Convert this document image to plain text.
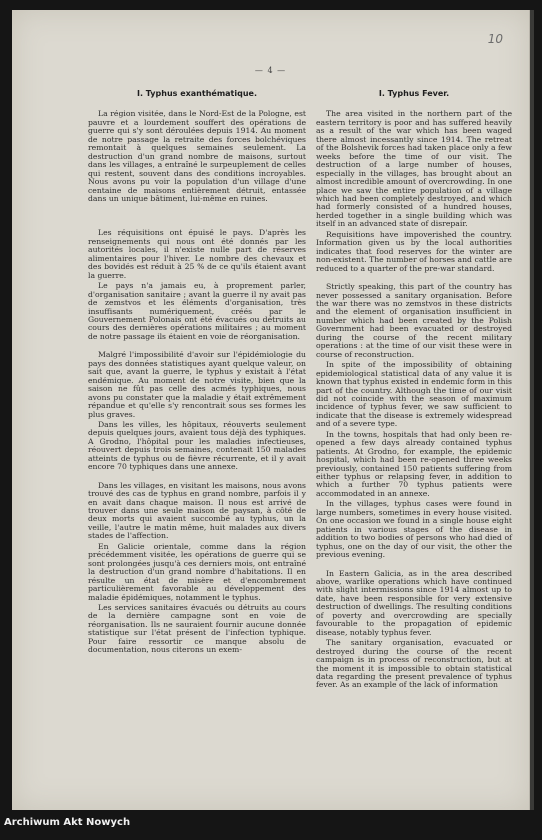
10
— 4 —
I. Typhus exanthématique.

La région visitée, dans le Nord-Est de la Pologne, est pauvre et a lourdement souffert des opérations de guerre qui s'y sont déroulées depuis 1914. Au moment de notre passage la retraite des forces bolchéviques remontait à quelques semaines seulement. La destruction d'un grand nombre de maisons, surtout dans les villages, a entraîné le surpeuplement de celles qui restent, souvent dans des conditions incroyables. Nous avons pu voir la population d'un village d'une centaine de maisons entièrement détruit, entassée dans un unique bâtiment, lui-même en ruines.

Les réquisitions ont épuisé le pays. D'après les renseignements qui nous ont été donnés par les autorités locales, il n'existe nulle part de réserves alimentaires pour l'hiver. Le nombre des chevaux et des bovidés est réduit à 25 % de ce qu'ils étaient avant la guerre.

Le pays n'a jamais eu, à proprement parler, d'organisation sanitaire ; avant la guerre il ny avait pas de zemstvos et les éléments d'organisation, très insuffisants numériquement, créés par le Gouvernement Polonais ont été évacués ou détruits au cours des dernières opérations militaires ; au moment de notre passage ils étaient en voie de réorganisation.

Malgré l'impossibilité d'avoir sur l'épidémiologie du pays des données statistiques ayant quelque valeur, on sait que, avant la guerre, le typhus y existait à l'état endémique. Au moment de notre visite, bien que la saison ne fût pas celle des acmés typhiques, nous avons pu constater que la maladie y était extrêmement répandue et qu'elle s'y rencontrait sous ses formes les plus graves.

Dans les villes, les hôpitaux, réouverts seulement depuis quelques jours, avaient tous déjà des typhiques. A Grodno, l'hôpital pour les maladies infectieuses, réouvert depuis trois semaines, contenait 150 malades atteints de typhus ou de fièvre récurrente, et il y avait encore 70 typhiques dans une annexe.

Dans les villages, en visitant les maisons, nous avons trouvé des cas de typhus en grand nombre, parfois il y en avait dans chaque maison. Il nous est arrivé de trouver dans une seule maison de paysan, à côté de deux morts qui avaient succombé au typhus, un la veille, l'autre le matin même, huit malades aux divers stades de l'affection.

En Galicie orientale, comme dans la région précédemment visitée, les opérations de guerre qui se sont prolongées jusqu'à ces derniers mois, ont entraîné la destruction d'un grand nombre d'habitations. Il en résulte un état de misère et d'encombrement particulièrement favorable au développement des maladie épidémiques, notamment le typhus.

Les services sanitaires évacués ou détruits au cours de la dernière campagne sont en voie de réorganisation. Ils ne sauraient fournir aucune donnée statistique sur l'état présent de l'infection typhique. Pour faire ressortir ce manque absolu de documentation, nous citerons un exem-

I. Typhus Fever.

The area visited in the northern part of the eastern territory is poor and has suffered heavily as a result of the war which has been waged there almost incessantly since 1914. The retreat of the Bolshevik forces had taken place only a few weeks before the time of our visit. The destruction of a large number of houses, especially in the villages, has brought about an almost incredible amount of overcrowding. In one place we saw the entire population of a village which had been completely destroyed, and which had formerly consisted of a hundred houses, herded together in a single building which was itself in an advanced state of disrepair.

Requisitions have impoverished the country. Information given us by the local authorities indicates that food reserves for the winter are non-existent. The number of horses and cattle are reduced to a quarter of the pre-war standard.

Strictly speaking, this part of the country has never possessed a sanitary organisation. Before the war there was no zemstvos in these districts and the element of organisation insufficient in number which had been created by the Polish Government had been evacuated or destroyed during the course of the recent military operations : at the time of our visit these were in course of reconstruction.

In spite of the impossibility of obtaining epidemiological statistical data of any value it is known that typhus existed in endemic form in this part of the country. Although the time of our visit did not coincide with the season of maximum incidence of typhus fever, we saw sufficient to indicate that the disease is extremely widespread and of a severe type.

In the towns, hospitals that had only been re-opened a few days already contained typhus patients. At Grodno, for example, the epidemic hospital, which had been re-opened three weeks previously, contained 150 patients suffering from either typhus or relapsing fever, in addition to which a further 70 typhus patients were accommodated in an annexe.

In the villages, typhus cases were found in large numbers, sometimes in every house visited. On one occasion we found in a single house eight patients in various stages of the disease in addition to two bodies of persons who had died of typhus, one on the day of our visit, the other the previous evening.

In Eastern Galicia, as in the area described above, warlike operations which have continued with slight intermissions since 1914 almost up to date, have been responsible for very extensive destruction of dwellings. The resulting conditions of poverty and overcrowding are specially favourable to the propagation of epidemic disease, notably typhus fever.

The sanitary organisation, evacuated or destroyed during the course of the recent campaign is in process of reconstruction, but at the moment it is impossible to obtain statistical data regarding the present prevalence of typhus fever. As an example of the lack of information

Archiwum Akt Nowych
